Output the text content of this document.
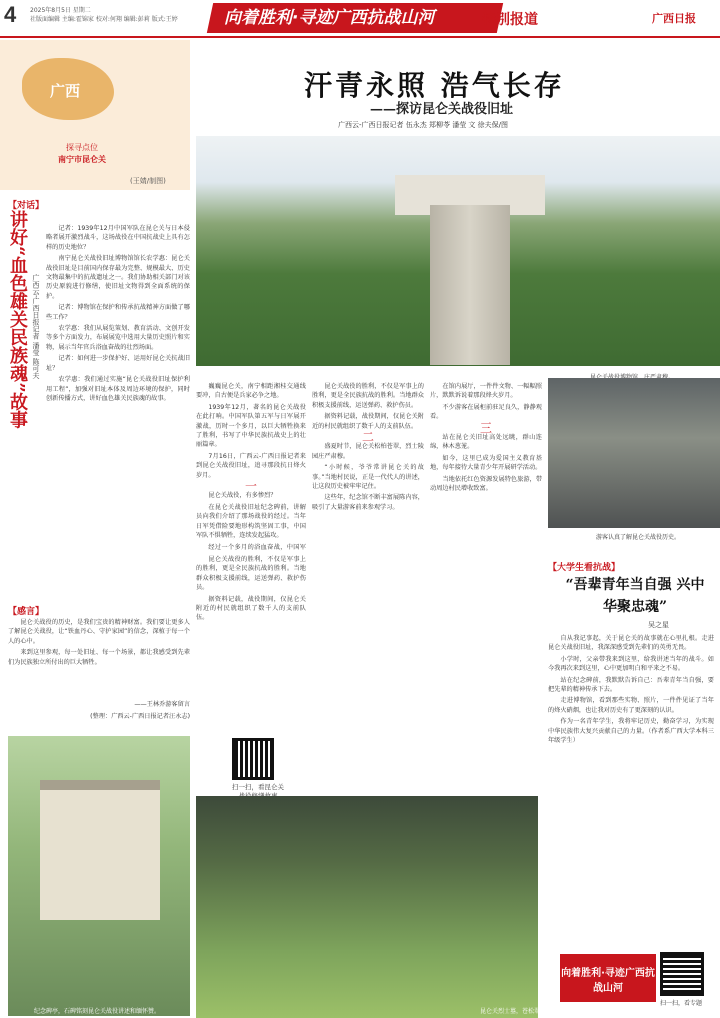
4 2025年8月5日 星期二
社版面编辑 主编:霍锦家 校对:何翔 编辑:彭莉 版式:王婷	向着胜利·寻迹广西抗战山河	特别报道	广西日报
广西
探寻点位
南宁市昆仑关
(王婧/制图)
【对话】
讲好“血色雄关民族魂”故事 广西云-广西日报记者 潘莹 陈可夫

记者：1939年12月中国军队在昆仑关与日本侵略者展开激烈战斗，这场战役在中国抗战史上具有怎样的历史地位？

南宁昆仑关战役旧址博物馆馆长农学惠：昆仑关战役旧址是目前国内保存最为完整、规模最大、历史文物最集中的抗战遗址之一。我们协助相关部门对该历史原貌进行修缮，使旧址文物得到全面系统的保护。

记者：博物馆在保护和传承抗战精神方面做了哪些工作？

农学惠：我们从展览策划、教育活动、文创开发等多个方面发力，布展展览中选用大量历史照片和实物，展示当年官兵浴血奋战的壮烈场面。

记者：如何进一步保护好、运用好昆仑关抗战旧址？

农学惠：我们通过实施“昆仑关战役旧址保护利用工程”，加强对旧址本体及周边环境的保护，同时创新传播方式，讲好血色雄关民族魂的故事。

【感言】

昆仑关战役的历史，是我们宝贵的精神财富。我们要让更多人了解昆仑关战役，让“铁血丹心、守护家园”的信念，深植于每一个人的心中。

来到这里参观，每一处旧址、每一个场景，都让我感受到先辈们为民族独立所付出的巨大牺牲。

——王林乔游客留言
(整理：广西云-广西日报记者汪永志)
汗青永照 浩气长存
——探访昆仑关战役旧址
广西云-广西日报记者 伍永杰 郑柳苓 潘莹 文 徐夫保/图

巍巍昆仑关，南宁相距湘桂交通线要冲，自古便是兵家必争之地。

1939年12月，著名的昆仑关战役在此打响。中国军队第五军与日军展开激战，历时一个多月，以巨大牺牲换来了胜利，书写了中华民族抗战史上的壮丽篇章。

7月16日，广西云-广西日报记者来到昆仑关战役旧址，追寻那段抗日烽火岁月。

一

昆仑关战役，有多惨烈？

在昆仑关战役旧址纪念碑前，讲解员向我们介绍了那场战役的经过。当年日军凭借险要地形构筑坚固工事，中国军队不惧牺牲，连续发起猛攻。

经过一个多月的浴血奋战，中国军

昆仑关战役的胜利，不仅是军事上的胜利，更是全民族抗战的胜利。当地群众积极支援前线，运送弹药、救护伤员。

据资料记载，战役期间，仅昆仑关附近的村民就组织了数千人的支前队伍。

昆仑关战役的胜利，不仅是军事上的胜利，更是全民族抗战的胜利。当地群众积极支援前线，运送弹药、救护伤员。

据资料记载，战役期间，仅昆仑关附近的村民就组织了数千人的支前队伍。

二

盛夏时节，昆仑关松柏苍翠，烈士陵园庄严肃穆。

“小时候，爷爷常讲昆仑关的故事。”当地村民说，正是一代代人的讲述，让这段历史被牢牢记住。

这些年，纪念馆不断丰富展陈内容，吸引了大量游客前来参观学习。

在馆内展厅，一件件文物、一幅幅照片，默默诉说着那段烽火岁月。

不少游客在展柜前驻足良久，静静观看。

三

站在昆仑关旧址高处远眺，群山连绵，林木葱茏。

如今，这里已成为爱国主义教育基地，每年接待大量青少年开展研学活动。

当地依托红色资源发展特色旅游，带动周边村民增收致富。

扫一扫，看昆仑关
游客认真了解昆仑关战役历史。
【大学生看抗战】
“吾辈青年当自强 兴中华聚忠魂”
吴之星

自从我记事起，关于昆仑关的故事就在心里扎根。走进昆仑关战役旧址，我深深感受到先辈们的英勇无畏。

小学时，父亲带我来到这里，给我讲述当年的战斗。如今我再次来到这里，心中更加明白和平来之不易。

站在纪念碑前，我默默告诉自己：吾辈青年当自强，要把先辈的精神传承下去。

走进博物馆，看到那些实物、照片，一件件见证了当年的烽火硝烟，也让我对历史有了更深刻的认识。

作为一名青年学生，我将牢记历史，勤奋学习，为实现中华民族伟大复兴贡献自己的力量。（作者系广西大学本科三年级学生）

纪念碑亭，石碑铭刻昆仑关战役讲述和缅怀赞。	昆仑关烈士墓，苍松翠柏。
向着胜利·寻迹广西抗战山河
扫一扫，看专题
